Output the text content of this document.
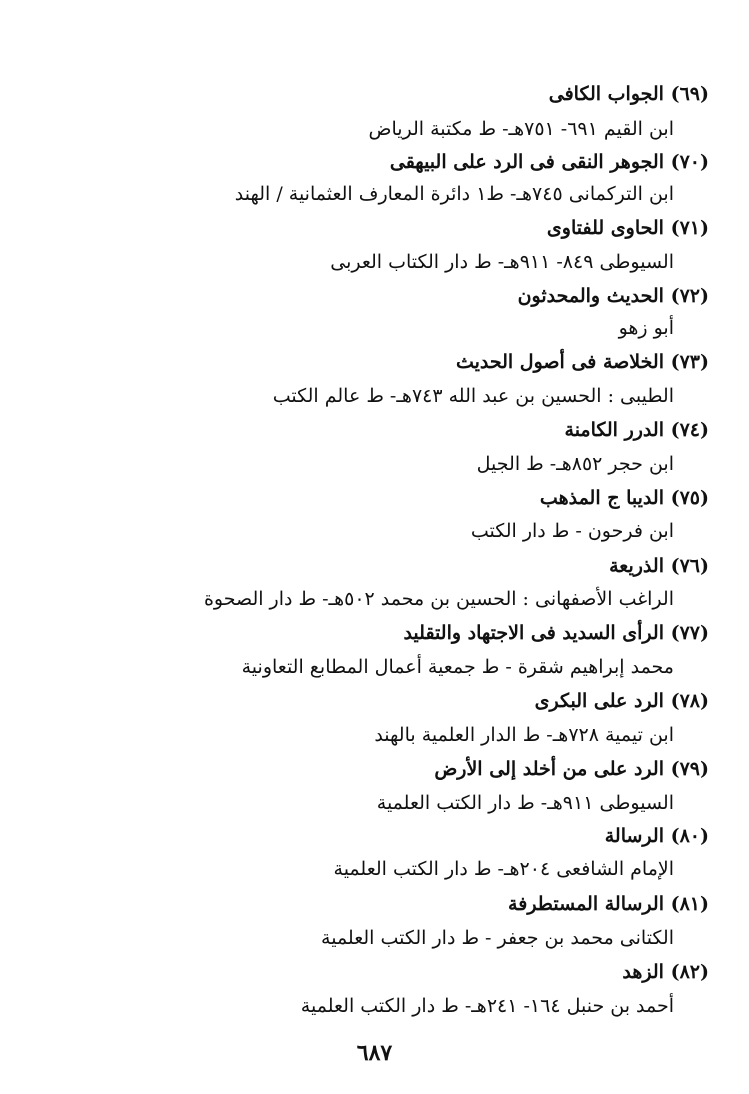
(٦٩) الجواب الكافى
ابن القيم ٦٩١- ٧٥١هـ- ط مكتبة الرياض
(٧٠) الجوهر النقى فى الرد على البيهقى
ابن التركمانى ٧٤٥هـ- ط١ دائرة المعارف العثمانية / الهند
(٧١) الحاوى للفتاوى
السيوطى ٨٤٩- ٩١١هـ- ط دار الكتاب العربى
(٧٢) الحديث والمحدثون
أبو زهو
(٧٣) الخلاصة فى أصول الحديث
الطيبى : الحسين بن عبد الله ٧٤٣هـ- ط عالم الكتب
(٧٤) الدرر الكامنة
ابن حجر ٨٥٢هـ- ط الجيل
(٧٥) الديبا ج المذهب
ابن فرحون - ط دار الكتب
(٧٦) الذريعة
الراغب الأصفهانى : الحسين بن محمد ٥٠٢هـ- ط دار الصحوة
(٧٧) الرأى السديد فى الاجتهاد والتقليد
محمد إبراهيم شقرة - ط جمعية أعمال المطابع التعاونية
(٧٨) الرد على البكرى
ابن تيمية ٧٢٨هـ- ط الدار العلمية بالهند
(٧٩) الرد على من أخلد إلى الأرض
السيوطى ٩١١هـ- ط دار الكتب العلمية
(٨٠) الرسالة
الإمام الشافعى ٢٠٤هـ- ط دار الكتب العلمية
(٨١) الرسالة المستطرفة
الكتانى محمد بن جعفر - ط دار الكتب العلمية
(٨٢) الزهد
أحمد بن حنبل ١٦٤- ٢٤١هـ- ط دار الكتب العلمية
٦٨٧
